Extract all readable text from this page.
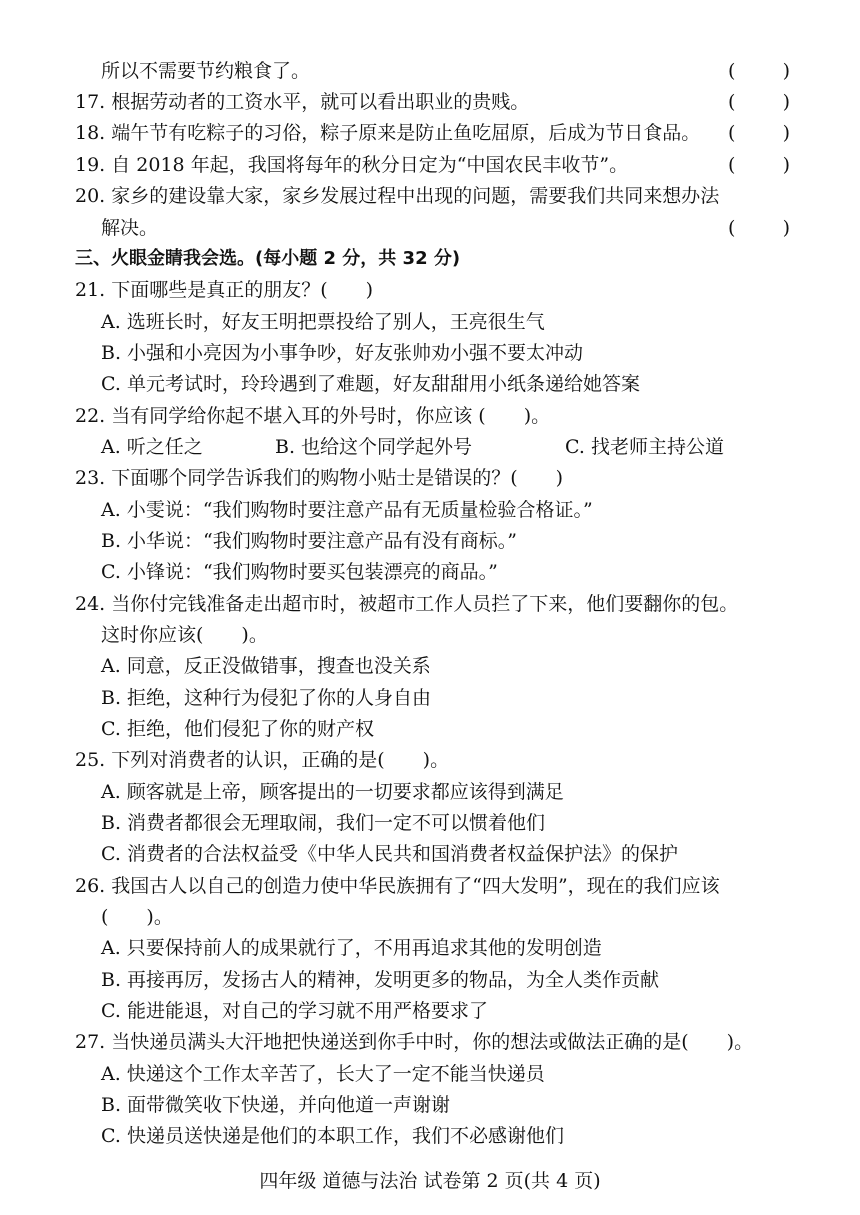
所以不需要节约粮食了。	( )
17. 根据劳动者的工资水平，就可以看出职业的贵贱。	( )
18. 端午节有吃粽子的习俗，粽子原来是防止鱼吃屈原，后成为节日食品。 ( )
19. 自 2018 年起，我国将每年的秋分日定为“中国农民丰收节”。	( )
20. 家乡的建设靠大家，家乡发展过程中出现的问题，需要我们共同来想办法
解决。	( )
三、火眼金睛我会选。(每小题 2 分，共 32 分)
21. 下面哪些是真正的朋友？(　　)
A. 选班长时，好友王明把票投给了别人，王亮很生气
B. 小强和小亮因为小事争吵，好友张帅劝小强不要太冲动
C. 单元考试时，玲玲遇到了难题，好友甜甜用小纸条递给她答案
22. 当有同学给你起不堪入耳的外号时，你应该 (　　)。
A. 听之任之	B. 也给这个同学起外号	C. 找老师主持公道
23. 下面哪个同学告诉我们的购物小贴士是错误的？(　　)
A. 小雯说：“我们购物时要注意产品有无质量检验合格证。”
B. 小华说：“我们购物时要注意产品有没有商标。”
C. 小锋说：“我们购物时要买包装漂亮的商品。”
24. 当你付完钱准备走出超市时，被超市工作人员拦了下来，他们要翻你的包。
这时你应该(　　)。
A. 同意，反正没做错事，搜查也没关系
B. 拒绝，这种行为侵犯了你的人身自由
C. 拒绝，他们侵犯了你的财产权
25. 下列对消费者的认识，正确的是(　　)。
A. 顾客就是上帝，顾客提出的一切要求都应该得到满足
B. 消费者都很会无理取闹，我们一定不可以惯着他们
C. 消费者的合法权益受《中华人民共和国消费者权益保护法》的保护
26. 我国古人以自己的创造力使中华民族拥有了“四大发明”，现在的我们应该
(　　)。
A. 只要保持前人的成果就行了，不用再追求其他的发明创造
B. 再接再厉，发扬古人的精神，发明更多的物品，为全人类作贡献
C. 能进能退，对自己的学习就不用严格要求了
27. 当快递员满头大汗地把快递送到你手中时，你的想法或做法正确的是(　　)。
A. 快递这个工作太辛苦了，长大了一定不能当快递员
B. 面带微笑收下快递，并向他道一声谢谢
C. 快递员送快递是他们的本职工作，我们不必感谢他们
四年级 道德与法治 试卷第 2 页(共 4 页)
